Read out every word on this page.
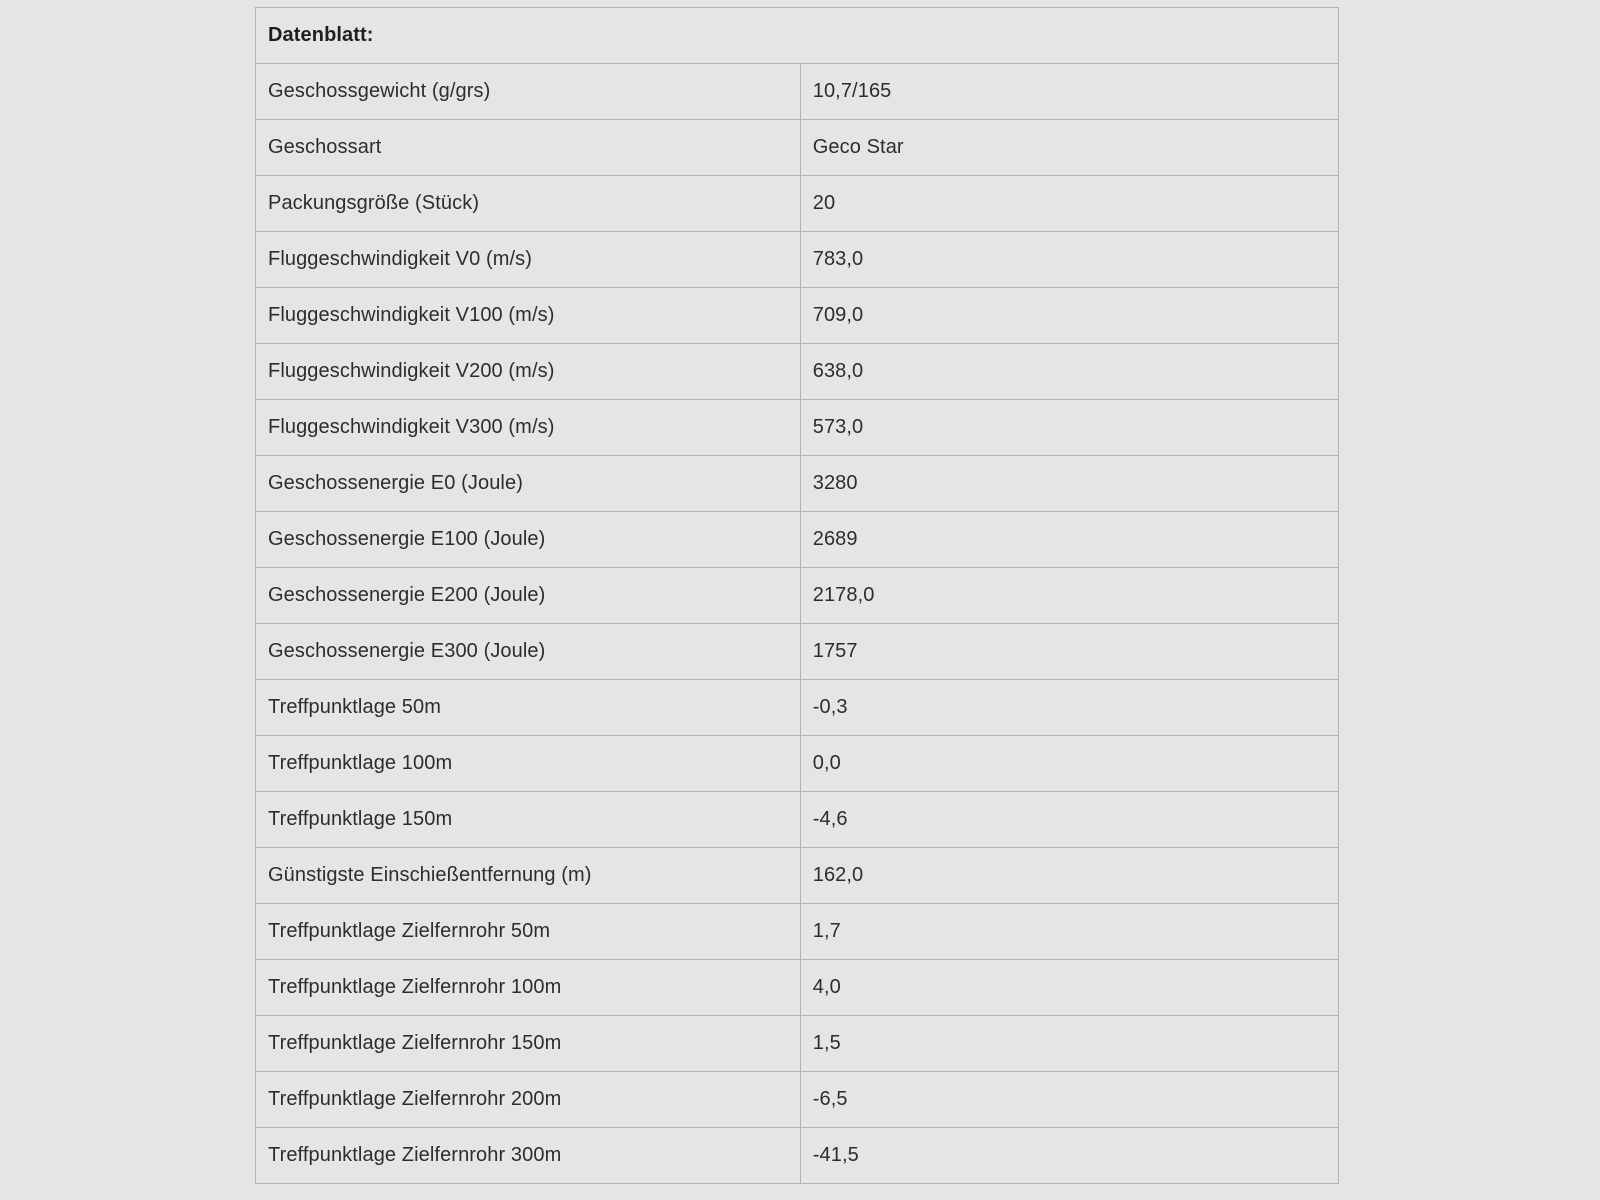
Datenblatt:	
Geschossgewicht (g/grs)	10,7/165
Geschossart	Geco Star
Packungsgröße (Stück)	20
Fluggeschwindigkeit V0 (m/s)	783,0
Fluggeschwindigkeit V100 (m/s)	709,0
Fluggeschwindigkeit V200 (m/s)	638,0
Fluggeschwindigkeit V300 (m/s)	573,0
Geschossenergie E0 (Joule)	3280
Geschossenergie E100 (Joule)	2689
Geschossenergie E200 (Joule)	2178,0
Geschossenergie E300 (Joule)	1757
Treffpunktlage 50m	-0,3
Treffpunktlage 100m	0,0
Treffpunktlage 150m	-4,6
Günstigste Einschießentfernung (m)	162,0
Treffpunktlage Zielfernrohr 50m	1,7
Treffpunktlage Zielfernrohr 100m	4,0
Treffpunktlage Zielfernrohr 150m	1,5
Treffpunktlage Zielfernrohr 200m	-6,5
Treffpunktlage Zielfernrohr 300m	-41,5
